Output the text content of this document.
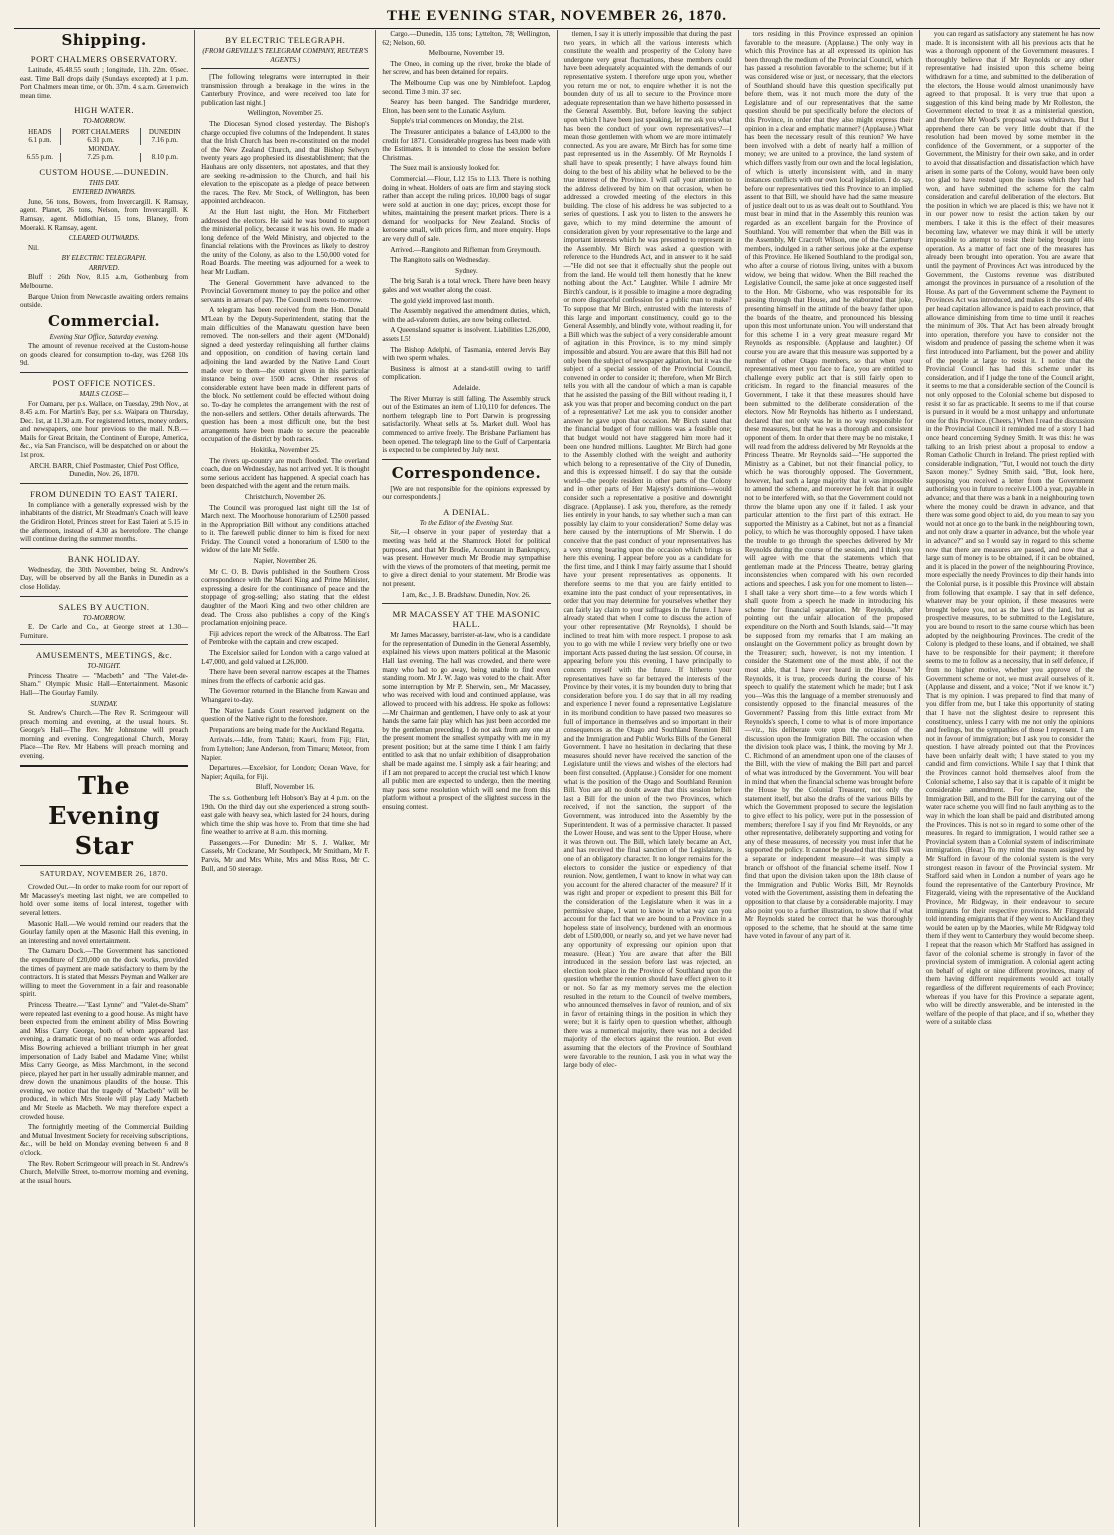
THE EVENING STAR, NOVEMBER 26, 1870.
Shipping.
PORT CHALMERS OBSERVATORY.

Latitude, 45.48.55 south ; longitude, 11h. 22m. 05sec. east. Time Ball drops daily (Sundays excepted) at 1 p.m. Port Chalmers mean time, or 0h. 37m. 4 s.a.m. Greenwich mean time.

HIGH WATER.
TO-MORROW.
HEADS	PORT CHALMERS	DUNEDIN
6.1 p.m.	6.31 p.m.	7.16 p.m.
MONDAY.		
6.55 p.m.	7.25 p.m.	8.10 p.m.
CUSTOM HOUSE.—DUNEDIN.
THIS DAY.
ENTERED INWARDS.

June, 56 tons, Bowers, from Invercargill. K Ramsay, agent. Planet, 26 tons, Nelson, from Invercargill. K Ramsay, agent. Midlothian, 15 tons, Blaney, from Moeraki. K Ramsay, agent.

CLEARED OUTWARDS.

Nil.

BY ELECTRIC TELEGRAPH.
ARRIVED.

Bluff : 26th Nov, 8.15 a.m, Gothenburg from Melbourne.

Barque Union from Newcastle awaiting orders remains outside.

Commercial.
Evening Star Office, Saturday evening.

The amount of revenue received at the Custom-house on goods cleared for consumption to-day, was £268 10s 9d.

POST OFFICE NOTICES.
MAILS CLOSE—

For Oamaru, per p.s. Wallace, on Tuesday, 29th Nov., at 8.45 a.m. For Martin's Bay, per s.s. Waipara on Thursday, Dec. 1st, at 11.30 a.m. For registered letters, money orders, and newspapers, one hour previous to the mail. N.B.—Mails for Great Britain, the Continent of Europe, America, &c., via San Francisco, will be despatched on or about the 1st prox.

ARCH. BARR, Chief Postmaster, Chief Post Office, Dunedin, Nov. 26, 1870.

FROM DUNEDIN TO EAST TAIERI.

In compliance with a generally expressed wish by the inhabitants of the district, Mr Steadman's Coach will leave the Gridiron Hotel, Princes street for East Taieri at 5.15 in the afternoon, instead of 4.30 as heretofore. The change will continue during the summer months.

BANK HOLIDAY.

Wednesday, the 30th November, being St. Andrew's Day, will be observed by all the Banks in Dunedin as a close Holiday.

SALES BY AUCTION.
TO-MORROW.

E. De Carle and Co., at George street at 1.30—Furniture.

AMUSEMENTS, MEETINGS, &c.
TO-NIGHT.

Princess Theatre — "Macbeth" and "The Valet-de-Sham." Olympic Music Hall—Entertainment. Masonic Hall—The Gourlay Family.

SUNDAY.

St. Andrew's Church.—The Rev R. Scrimgeour will preach morning and evening, at the usual hours. St. George's Hall—The Rev. Mr Johnstone will preach morning and evening. Congregational Church, Moray Place—The Rev. Mr Habens will preach morning and evening.

The Evening Star
SATURDAY, NOVEMBER 26, 1870.

Crowded Out.—In order to make room for our report of Mr Macassey's meeting last night, we are compelled to hold over some items of local interest, together with several letters.

Masonic Hall.—We would remind our readers that the Gourlay family open at the Masonic Hall this evening, in an interesting and novel entertainment.

The Oamaru Dock.—The Government has sanctioned the expenditure of £20,000 on the dock works, provided the times of payment are made satisfactory to them by the contractors. It is stated that Messrs Peyman and Walker are willing to meet the Government in a fair and reasonable spirit.

Princess Theatre.—"East Lynne" and "Valet-de-Sham" were repeated last evening to a good house. As might have been expected from the eminent ability of Miss Bowring and Miss Carry George, both of whom appeared last evening, a dramatic treat of no mean order was afforded. Miss Bowring achieved a brilliant triumph in her great impersonation of Lady Isabel and Madame Vine; whilst Miss Carry George, as Miss Marchmont, in the second piece, played her part in her usually admirable manner, and drew down the unanimous plaudits of the house. This evening, we notice that the tragedy of "Macbeth" will be produced, in which Mrs Steele will play Lady Macbeth and Mr Steele as Macbeth. We may therefore expect a crowded house.

The fortnightly meeting of the Commercial Building and Mutual Investment Society for receiving subscriptions, &c., will be held on Monday evening between 6 and 8 o'clock.

The Rev. Robert Scrimgeour will preach in St. Andrew's Church, Melville Street, to-morrow morning and evening, at the usual hours.

BY ELECTRIC TELEGRAPH.
(FROM GREVILLE'S TELEGRAM COMPANY, REUTER'S AGENTS.)

[The following telegrams were interrupted in their transmission through a breakage in the wires in the Canterbury Province, and were received too late for publication last night.]

Wellington, November 25.

The Diocesan Synod closed yesterday. The Bishop's charge occupied five columns of the Independent. It states that the Irish Church has been re-constituted on the model of the New Zealand Church, and that Bishop Selwyn twenty years ago prophesied its disestablishment; that the Hauhaus are only dissenters, not apostates, and that they are seeking re-admission to the Church, and hail his elevation to the episcopate as a pledge of peace between the races. The Rev. Mr Stock, of Wellington, has been appointed archdeacon.

At the Hutt last night, the Hon. Mr Fitzherbert addressed the electors. He said he was bound to support the ministerial policy, because it was his own. He made a long defence of the Weld Ministry, and objected to the financial relations with the Provinces as likely to destroy the unity of the Colony, as also to the L50,000 voted for Road Boards. The meeting was adjourned for a week to hear Mr Ludlam.

The General Government have advanced to the Provincial Government money to pay the police and other servants in arrears of pay. The Council meets to-morrow.

A telegram has been received from the Hon. Donald M'Lean by the Deputy-Superintendent, stating that the main difficulties of the Manawatu question have been removed. The non-sellers and their agent (M'Donald) signed a deed yesterday relinquishing all further claims and opposition, on condition of having certain land adjoining the land awarded by the Native Land Court made over to them—the extent given in this particular instance being over 1500 acres. Other reserves of considerable extent have been made in different parts of the block. No settlement could be effected without doing so. To-day he completes the arrangement with the rest of the non-sellers and settlers. Other details afterwards. The question has been a most difficult one, but the best arrangements have been made to secure the peaceable occupation of the district by both races.

Hokitika, November 25.

The rivers up-country are much flooded. The overland coach, due on Wednesday, has not arrived yet. It is thought some serious accident has happened. A special coach has been despatched with the agent and the return mails.

Christchurch, November 26.

The Council was prorogued last night till the 1st of March next. The Moorhouse honorarium of L2500 passed in the Appropriation Bill without any conditions attached to it. The farewell public dinner to him is fixed for next Friday. The Council voted a honorarium of L500 to the widow of the late Mr Selfe.

Napier, November 26.

Mr C. O. B. Davis published in the Southern Cross correspondence with the Maori King and Prime Minister, expressing a desire for the continuance of peace and the stoppage of grog-selling; also stating that the eldest daughter of the Maori King and two other children are dead. The Cross also publishes a copy of the King's proclamation enjoining peace.

Fiji advices report the wreck of the Albatross. The Earl of Pembroke with the captain and crew escaped.

The Excelsior sailed for London with a cargo valued at L47,000, and gold valued at L26,000.

There have been several narrow escapes at the Thames mines from the effects of carbonic acid gas.

The Governor returned in the Blanche from Kawau and Whangarei to-day.

The Native Lands Court reserved judgment on the question of the Native right to the foreshore.

Preparations are being made for the Auckland Regatta.

Arrivals.—Idle, from Tahiti; Kauri, from Fiji; Flirt, from Lyttelton; Jane Anderson, from Timaru; Meteor, from Napier.

Departures.—Excelsior, for London; Ocean Wave, for Napier; Aquila, for Fiji.

Bluff, November 16.

The s.s. Gothenburg left Hobson's Bay at 4 p.m. on the 19th. On the third day out she experienced a strong south-east gale with heavy sea, which lasted for 24 hours, during which time the ship was hove to. From that time she had fine weather to arrive at 8 a.m. this morning.

Passengers.—For Dunedin: Mr S. J. Walker, Mr Cassels, Mr Cockrane, Mr Southpeck, Mr Smitham, Mr F. Parvis, Mr and Mrs White, Mrs and Miss Ross, Mr C. Bull, and 50 steerage.

Cargo.—Dunedin, 135 tons; Lyttelton, 78; Wellington, 62; Nelson, 60.

Melbourne, November 19.

The Oneo, in coming up the river, broke the blade of her screw, and has been detained for repairs.

The Melbourne Cup was one by Nimblefoot. Lapdog second. Time 3 min. 37 sec.

Searey has been hanged. The Sandridge murderer, Elton, has been sent to the Lunatic Asylum.

Supple's trial commences on Monday, the 21st.

The Treasurer anticipates a balance of L43,000 to the credit for 1871. Considerable progress has been made with the Estimates. It is intended to close the session before Christmas.

The Suez mail is anxiously looked for.

Commercial.—Flour, L12 15s to L13. There is nothing doing in wheat. Holders of oats are firm and staying stock rather than accept the ruling prices. 10,000 bags of sugar were sold at auction in one day; prices, except those for whites, maintaining the present market prices. There is a demand for woolpacks for New Zealand. Stocks of kerosene small, with prices firm, and more enquiry. Hops are very dull of sale.

Arrived.—Rangitoto and Rifleman from Greymouth.

The Rangitoto sails on Wednesday.

Sydney.

The brig Sarah is a total wreck. There have been heavy gales and wet weather along the coast.

The gold yield improved last month.

The Assembly negatived the amendment duties, which, with the ad-valorem duties, are now being collected.

A Queensland squatter is insolvent. Liabilities L26,000, assets L5!

The Bishop Adelphi, of Tasmania, entered Jervis Bay with two sperm whales.

Business is almost at a stand-still owing to tariff complication.

Adelaide.

The River Murray is still falling. The Assembly struck out of the Estimates an item of L10,110 for defences. The northern telegraph line to Port Darwin is progressing satisfactorily. Wheat sells at 5s. Market dull. Wool has commenced to arrive freely. The Brisbane Parliament has been opened. The telegraph line to the Gulf of Carpentaria is expected to be completed by July next.

Correspondence.

[We are not responsible for the opinions expressed by our correspondents.]

A DENIAL.
To the Editor of the Evening Star.

Sir,—I observe in your paper of yesterday that a meeting was held at the Shamrock Hotel for political purposes, and that Mr Brodie, Accountant in Bankruptcy, was present. However much Mr Brodie may sympathise with the views of the promoters of that meeting, permit me to give a direct denial to your statement. Mr Brodie was not present.

I am, &c., J. B. Bradshaw. Dunedin, Nov. 26.

MR MACASSEY AT THE MASONIC HALL.

Mr James Macassey, barrister-at-law, who is a candidate for the representation of Dunedin in the General Assembly, explained his views upon matters political at the Masonic Hall last evening. The hall was crowded, and there were many who had to go away, being unable to find even standing room. Mr J. W. Jago was voted to the chair. After some interruption by Mr P. Sherwin, sen., Mr Macassey, who was received with loud and continued applause, was allowed to proceed with his address. He spoke as follows:—Mr Chairman and gentlemen, I have only to ask at your hands the same fair play which has just been accorded me by the gentleman preceding. I do not ask from any one at the present moment the smallest sympathy with me in my present position; but at the same time I think I am fairly entitled to ask that no unfair exhibition of disapprobation shall be made against me. I simply ask a fair hearing; and if I am not prepared to accept the crucial test which I know all public men are expected to undergo, then the meeting may pass some resolution which will send me from this platform without a prospect of the slightest success in the ensuing contest.

tlemen, I say it is utterly impossible that during the past two years, in which all the various interests which constitute the wealth and prosperity of the Colony have undergone very great fluctuations, these members could have been adequately acquainted with the demands of our representative system. I therefore urge upon you, whether you return me or not, to enquire whether it is not the bounden duty of us all to secure to the Province more adequate representation than we have hitherto possessed in the General Assembly. But, before leaving the subject upon which I have been just speaking, let me ask you what has been the conduct of your own representatives?—I mean those gentlemen with whom we are more intimately connected. As you are aware, Mr Birch has for some time past represented us in the Assembly. Of Mr Reynolds I shall have to speak presently; I have always found him doing to the best of his ability what he believed to be the true interest of the Province. I will call your attention to the address delivered by him on that occasion, when he addressed a crowded meeting of the electors in this building. The close of his address he was subjected to a series of questions. I ask you to listen to the answers he gave, which to my mind determine the amount of consideration given by your representative to the large and important interests which he was presumed to represent in the Assembly. Mr Birch was asked a question with reference to the Hundreds Act, and in answer to it he said—"He did not see that it effectually shut the people out from the land. He would tell them honestly that he knew nothing about the Act." Laughter. While I admire Mr Birch's candour, is it possible to imagine a more degrading or more disgraceful confession for a public man to make? To suppose that Mr Birch, entrusted with the interests of this large and important constituency, could go to the General Assembly, and blindly vote, without reading it, for a Bill which was the subject of a very considerable amount of agitation in this Province, is to my mind simply impossible and absurd. You are aware that this Bill had not only been the subject of newspaper agitation, but it was the subject of a special session of the Provincial Council, convened in order to consider it; therefore, when Mr Birch tells you with all the candour of which a man is capable that he assisted the passing of the Bill without reading it, I ask you was that proper and becoming conduct on the part of a representative? Let me ask you to consider another answer he gave upon that occasion. Mr Birch stated that the financial budget of four millions was a feasible one; that budget would not have staggered him more had it been one hundred millions. Laughter. Mr Birch had gone to the Assembly clothed with the weight and authority which belong to a representative of the City of Dunedin, and this is expressed himself. I do say that the outside world—the people resident in other parts of the Colony and in other parts of Her Majesty's dominions—would consider such a representative a positive and downright disgrace. (Applause). I ask you, therefore, as the remedy lies entirely in your hands, to say whether such a man can possibly lay claim to your consideration? Some delay was here caused by the interruptions of Mr Sherwin. I do conceive that the past conduct of your representatives has a very strong bearing upon the occasion which brings us here this evening. I appear before you as a candidate for the first time, and I think I may fairly assume that I should have your present representatives as opponents. It therefore seems to me that you are fairly entitled to examine into the past conduct of your representatives, in order that you may determine for yourselves whether they can fairly lay claim to your suffrages in the future. I have already stated that when I come to discuss the action of your other representative (Mr Reynolds), I should be inclined to treat him with more respect. I propose to ask you to go with me while I review very briefly one or two important Acts passed during the last session. Of course, in appearing before you this evening, I have principally to concern myself with the future. If hitherto your representatives have so far betrayed the interests of the Province by their votes, it is my bounden duty to bring that consideration before you. I do say that in all my reading and experience I never found a representative Legislature in its moribund condition to have passed two measures so full of importance in themselves and so important in their consequences as the Otago and Southland Reunion Bill and the Immigration and Public Works Bills of the General Government. I have no hesitation in declaring that these measures should never have received the sanction of the Legislature until the views and wishes of the electors had been first consulted. (Applause.) Consider for one moment what is the position of the Otago and Southland Reunion Bill. You are all no doubt aware that this session before last a Bill for the union of the two Provinces, which received, if not the sanction, the support of the Government, was introduced into the Assembly by the Superintendent. It was of a permissive character. It passed the Lower House, and was sent to the Upper House, where it was thrown out. The Bill, which lately became an Act, and has received the final sanction of the Legislature, is one of an obligatory character. It no longer remains for the electors to consider the justice or expediency of that reunion. Now, gentlemen, I want to know in what way can you account for the altered character of the measure? If it was right and proper or expedient to present this Bill for the consideration of the Legislature when it was in a permissive shape, I want to know in what way can you account for the fact that we are bound to a Province in a hopeless state of insolvency, burdened with an enormous debt of L500,000, or nearly so, and yet we have never had any opportunity of expressing our opinion upon that measure. (Hear.) You are aware that after the Bill introduced in the session before last was rejected, an election took place in the Province of Southland upon the question whether the reunion should have effect given to it or not. So far as my memory serves me the election resulted in the return to the Council of twelve members, who announced themselves in favor of reunion, and of six in favor of retaining things in the position in which they were; but it is fairly open to question whether, although there was a numerical majority, there was not a decided majority of the electors against the reunion. But even assuming that the electors of the Province of Southland were favorable to the reunion, I ask you in what way the large body of elec-

tors residing in this Province expressed an opinion favorable to the measure. (Applause.) The only way in which this Province has at all expressed its opinion has been through the medium of the Provincial Council, which has passed a resolution favorable to the scheme; but if it was considered wise or just, or necessary, that the electors of Southland should have this question specifically put before them, was it not much more the duty of the Legislature and of our representatives that the same question should be put specifically before the electors of this Province, in order that they also might express their opinion in a clear and emphatic manner? (Applause.) What has been the necessary result of this reunion? We have been involved with a debt of nearly half a million of money; we are united to a province, the land system of which differs vastly from our own and the local legislation, of which is utterly inconsistent with, and in many instances conflicts with our own local legislation. I do say, before our representatives tied this Province to an implied assent to that Bill, we should have had the same measure of justice dealt out to us as was dealt out to Southland. You must bear in mind that in the Assembly this reunion was regarded as an excellent bargain for the Province of Southland. You will remember that when the Bill was in the Assembly, Mr Cracroft Wilson, one of the Canterbury members, indulged in a rather serious joke at the expense of this Province. He likened Southland to the prodigal son, who after a course of riotous living, unites with a buxom widow, we being that widow. When the Bill reached the Legislative Council, the same joke at once suggested itself to the Hon. Mr Gisborne, who was responsible for its passing through that House, and he elaborated that joke, presenting himself in the attitude of the heavy father upon the boards of the theatre, and pronounced his blessing upon this most unfortunate union. You will understand that for this scheme I in a very great measure regard Mr Reynolds as responsible. (Applause and laughter.) Of course you are aware that this measure was supported by a number of other Otago members, so that when your representatives meet you face to face, you are entitled to challenge every public act that is still fairly open to criticism. In regard to the financial measures of the Government, I take it that these measures should have been submitted to the deliberate consideration of the electors. Now Mr Reynolds has hitherto as I understand, declared that not only was he in no way responsible for these measures, but that he was a thorough and consistent opponent of them. In order that there may be no mistake, I will read from the address delivered by Mr Reynolds at the Princess Theatre. Mr Reynolds said—"He supported the Ministry as a Cabinet, but not their financial policy, to which he was thoroughly opposed. The Government, however, had such a large majority that it was impossible to amend the scheme, and moreover he felt that it ought not to be interfered with, so that the Government could not throw the blame upon any one if it failed. I ask your particular attention to the first part of this extract. He supported the Ministry as a Cabinet, but not as a financial policy, to which he was thoroughly opposed. I have taken the trouble to go through the speeches delivered by Mr Reynolds during the course of the session, and I think you will agree with me that the statements which that gentleman made at the Princess Theatre, betray glaring inconsistencies when compared with his own recorded actions and speeches. I ask you for one moment to listen—I shall take a very short time—to a few words which I shall quote from a speech he made in introducing his scheme for financial separation. Mr Reynolds, after pointing out the unfair allocation of the proposed expenditure on the North and South Islands, said—"It may be supposed from my remarks that I am making an onslaught on the Government policy as brought down by the Treasurer; such, however, is not my intention. I consider the Statement one of the most able, if not the most able, that I have ever heard in the House." Mr Reynolds, it is true, proceeds during the course of his speech to qualify the statement which he made; but I ask you—Was this the language of a member strenuously and consistently opposed to the financial measures of the Government? Passing from this little extract from Mr Reynolds's speech, I come to what is of more importance—viz., his deliberate vote upon the occasion of the discussion upon the Immigration Bill. The occasion when the division took place was, I think, the moving by Mr J. C. Richmond of an amendment upon one of the clauses of the Bill, with the view of making the Bill part and parcel of what was introduced by the Government. You will bear in mind that when the financial scheme was brought before the House by the Colonial Treasurer, not only the statement itself, but also the drafts of the various Bills by which the Government proposed to secure the legislation to give effect to his policy, were put in the possession of members; therefore I say if you find Mr Reynolds, or any other representative, deliberately supporting and voting for any of these measures, of necessity you must infer that he supported the policy. It cannot be pleaded that this Bill was a separate or independent measure—it was simply a branch or offshoot of the financial scheme itself. Now I find that upon the division taken upon the 18th clause of the Immigration and Public Works Bill, Mr Reynolds voted with the Government, assisting them in defeating the opposition to that clause by a considerable majority. I may also point you to a further illustration, to show that if what Mr Reynolds stated be correct that he was thoroughly opposed to the scheme, that he should at the same time have voted in favour of any part of it.

you can regard as satisfactory any statement he has now made. It is inconsistent with all his previous acts that he was a thorough opponent of the Government measures. I thoroughly believe that if Mr Reynolds or any other representative had insisted upon this scheme being withdrawn for a time, and submitted to the deliberation of the electors, the House would almost unanimously have agreed to that proposal. It is very true that upon a suggestion of this kind being made by Mr Rolleston, the Government elected to treat it as a ministerial question, and therefore Mr Wood's proposal was withdrawn. But I apprehend there can be very little doubt that if the resolution had been moved by some member in the confidence of the Government, or a supporter of the Government, the Ministry for their own sake, and in order to avoid that dissatisfaction and dissatisfaction which have arisen in some parts of the Colony, would have been only too glad to have rested upon the issues which they had won, and have submitted the scheme for the calm consideration and careful deliberation of the electors. But the position in which we are placed is this; we have not it in our power now to resist the action taken by our members. I take it this is the effect of their measures becoming law, whatever we may think it will be utterly impossible to attempt to resist their being brought into operation. As a matter of fact one of the measures has already been brought into operation. You are aware that until the payment of Provinces Act was introduced by the Government, the Customs revenue was distributed amongst the provinces in pursuance of a resolution of the House. As part of the Government scheme the Payment to Provinces Act was introduced, and makes it the sum of 40s per head capitation allowance is paid to each province, that allowance diminishing from time to time until it reaches the minimum of 30s. That Act has been already brought into operation, therefore you have to consider not the wisdom and prudence of passing the scheme when it was first introduced into Parliament, but the power and ability of the people at large to resist it. I notice that the Provincial Council has had this scheme under its consideration, and if I judge the tone of the Council aright, it seems to me that a considerable section of the Council is not only opposed to the Colonial scheme but disposed to resist it so far as practicable. It seems to me if that course is pursued in it would be a most unhappy and unfortunate one for this Province. (Cheers.) When I read the discussion in the Provincial Council it reminded me of a story I had once heard concerning Sydney Smith. It was this: he was talking to an Irish priest about a proposal to endow a Roman Catholic Church in Ireland. The priest replied with considerable indignation, "Tut, I would not touch the dirty Saxon money." Sydney Smith said, "But, look here, supposing you received a letter from the Government authorising you in future to receive L100 a year, payable in advance; and that there was a bank in a neighbouring town where the money could be drawn in advance, and that there was some good object to aid, do you mean to say you would not at once go to the bank in the neighbouring town, and not only draw a quarter in advance, but the whole year in advance?" and so I would say in regard to this scheme now that there are measures are passed, and now that a large sum of money is to be obtained, if it can be obtained, and it is placed in the power of the neighbouring Province, more especially the needy Provinces to dip their hands into the Colonial purse, is it possible this Province will abstain from following that example. I say that in self defence, whatever may be your opinion, if these measures were brought before you, not as the laws of the land, but as prospective measures, to be submitted to the Legislature, you are bound to resort to the same course which has been adopted by the neighbouring Provinces. The credit of the Colony is pledged to these loans, and if obtained, we shall have to be responsible for their payment; it therefore seems to me to follow as a necessity, that in self defence, if from no higher motive, whether you approve of the Government scheme or not, we must avail ourselves of it. (Applause and dissent, and a voice; "Not if we know it.") That is my opinion. I was prepared to find that many of you differ from me, but I take this opportunity of stating that I have not the slightest desire to represent this constituency, unless I carry with me not only the opinions and feelings, but the sympathies of those I represent. I am not in favour of immigration; but I ask you to consider the question. I have already pointed out that the Provinces have been unfairly dealt with; I have stated to you my candid and firm convictions. While I say that I think that the Provinces cannot hold themselves aloof from the Colonial scheme, I also say that it is capable of it might be considerable amendment. For instance, take the Immigration Bill, and to the Bill for the carrying out of the water race scheme you will find no fault anything as to the way in which the loan shall be paid and distributed among the Provinces. This is not so in regard to some other of the measures. In regard to immigration, I would rather see a Provincial system than a Colonial system of indiscriminate immigration. (Hear.) To my mind the reason assigned by Mr Stafford in favour of the colonial system is the very strongest reason in favour of the Provincial system. Mr Stafford said when in London a number of years ago he found the representative of the Canterbury Province, Mr Fitzgerald, vieing with the representative of the Auckland Province, Mr Ridgway, in their endeavour to secure immigrants for their respective provinces. Mr Fitzgerald told intending emigrants that if they went to Auckland they would be eaten up by the Maories, while Mr Ridgway told them if they went to Canterbury they would become sheep. I repeat that the reason which Mr Stafford has assigned in favor of the colonial scheme is strongly in favor of the provincial system of immigration. A colonial agent acting on behalf of eight or nine different provinces, many of them having different requirements would act totally regardless of the different requirements of each Province; whereas if you have for this Province a separate agent, who will be directly answerable, and be interested in the welfare of the people of that place, and if so, whether they were of a suitable class
